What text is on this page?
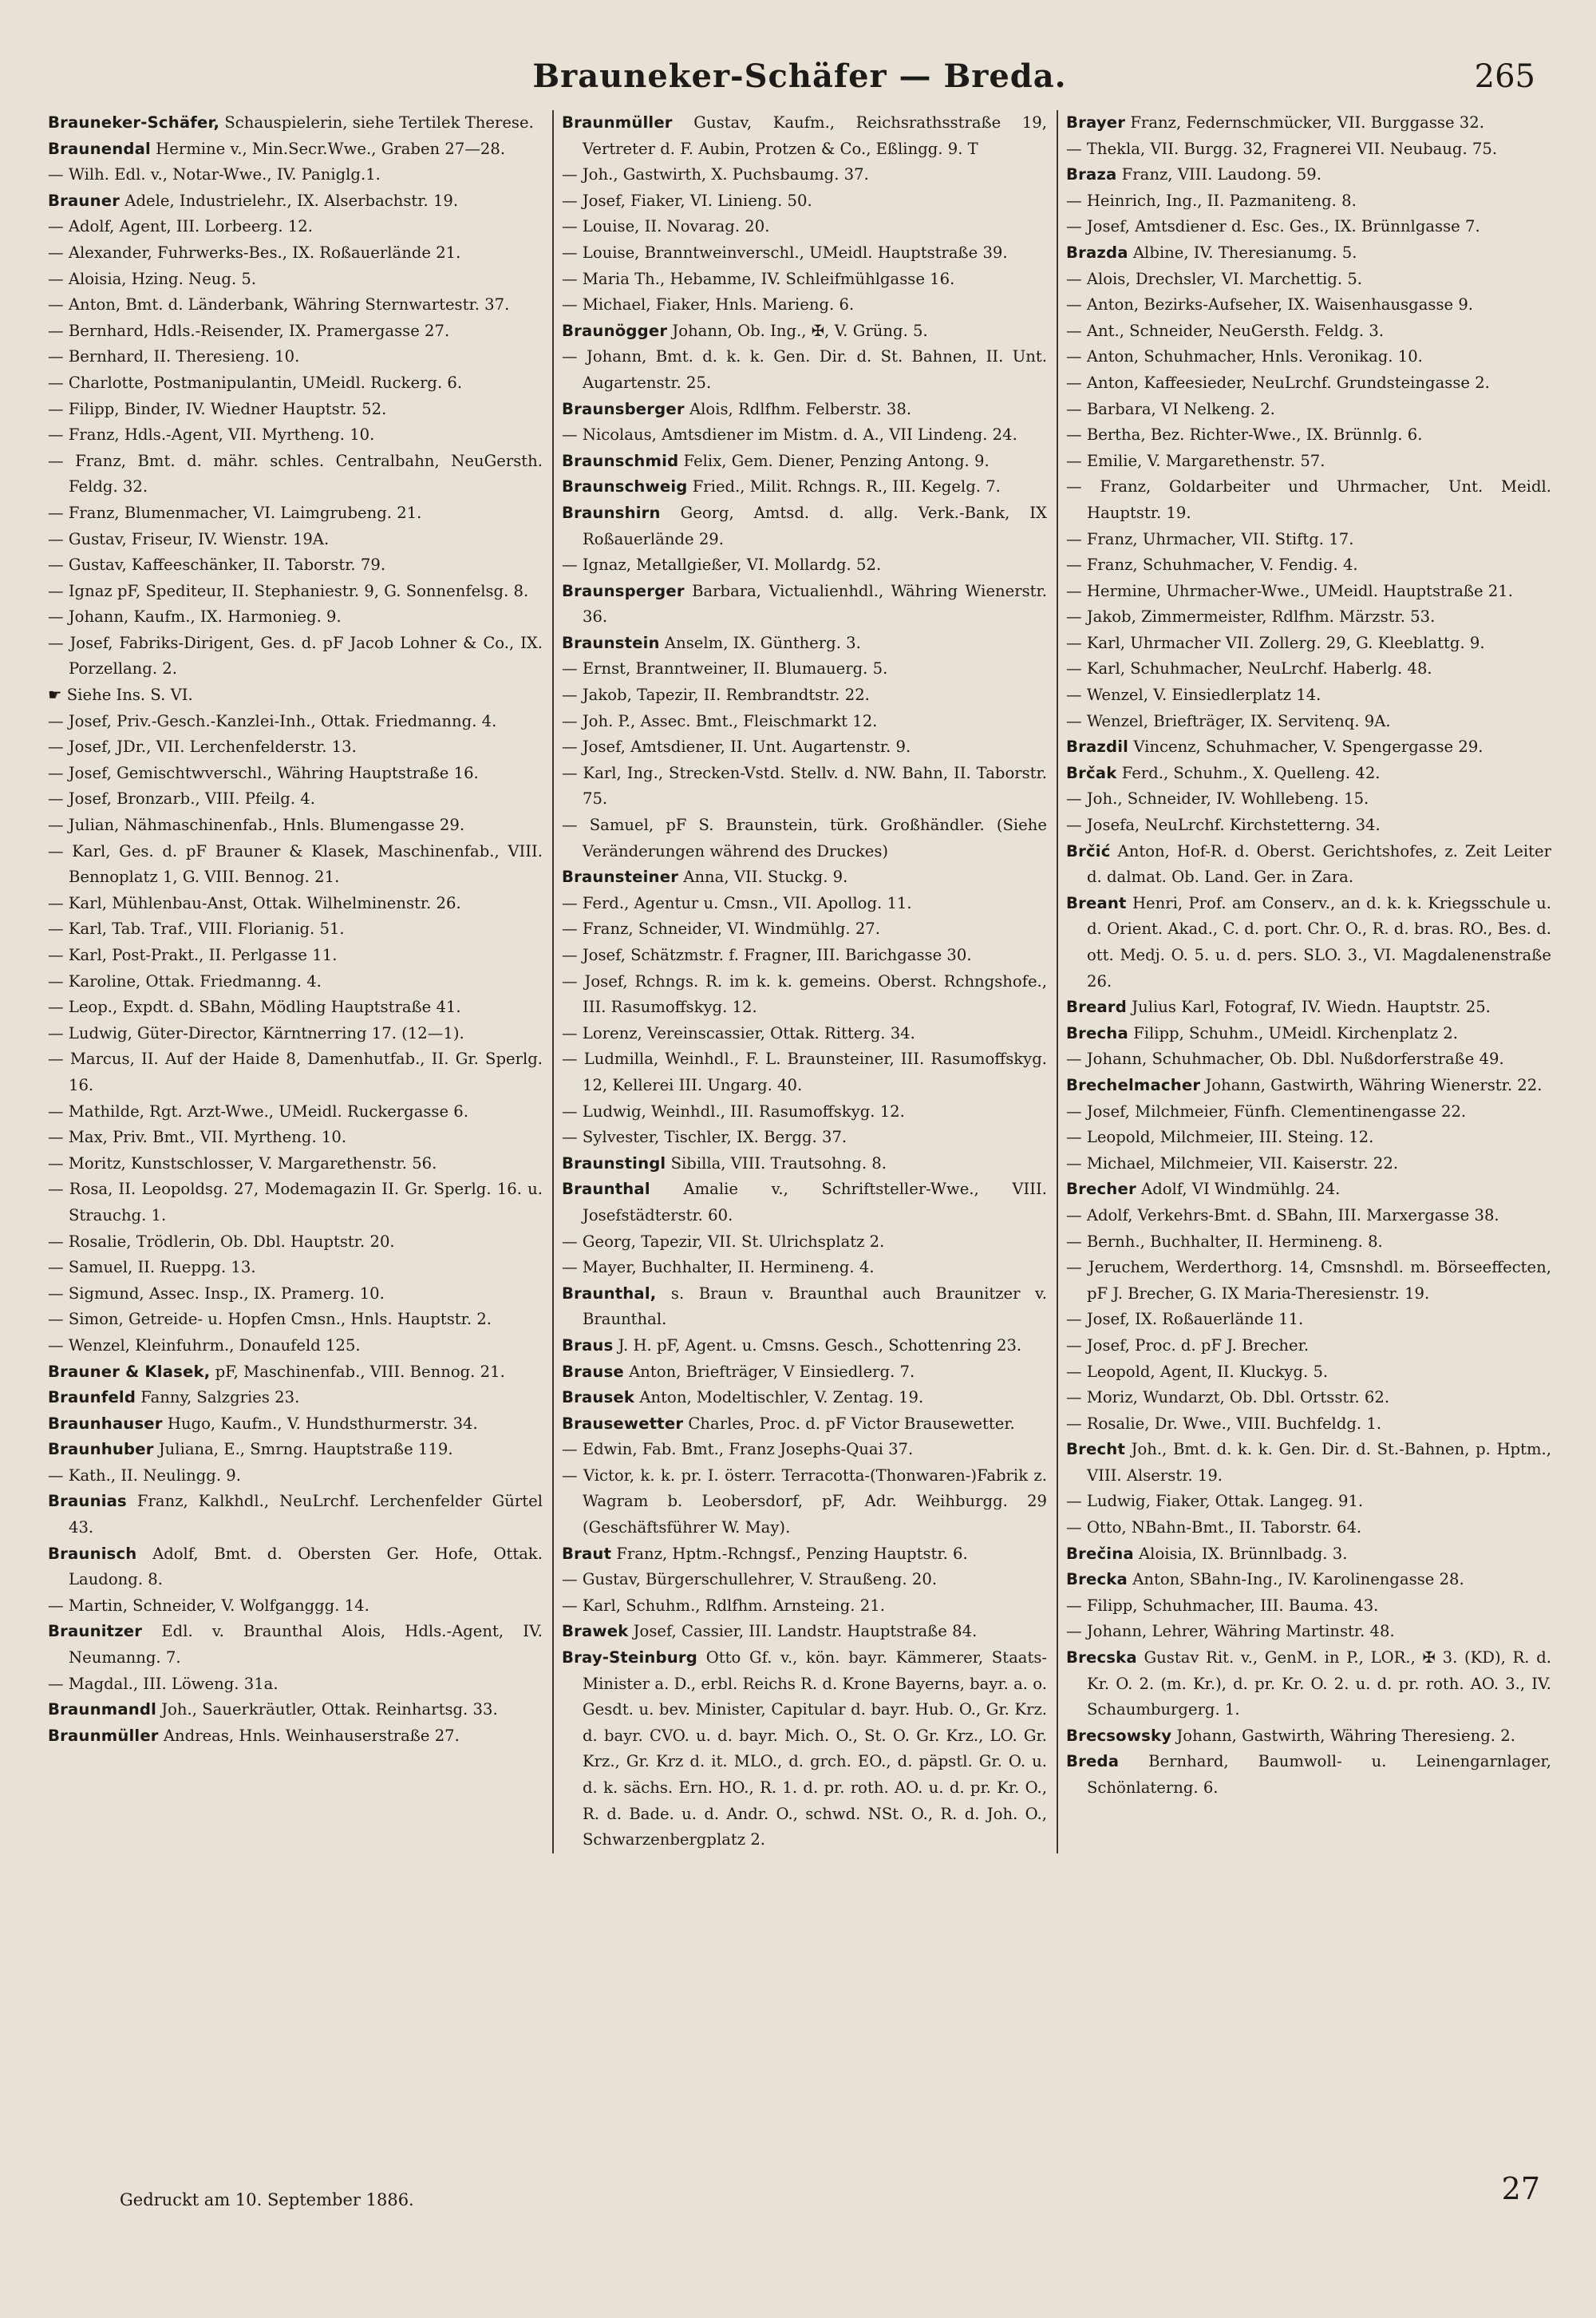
Brauneker-Schäfer — Breda.	265
Brauneker-Schäfer, Schauspielerin, siehe Tertilek Therese.
Braunendal Hermine v., Min.Secr.Wwe., Graben 27—28.
— Wilh. Edl. v., Notar-Wwe., IV. Paniglg.1.
Brauner Adele, Industrielehr., IX. Alserbachstr. 19.
— Adolf, Agent, III. Lorbeerg. 12.
— Alexander, Fuhrwerks-Bes., IX. Roßauerlände 21.
— Aloisia, Hzing. Neug. 5.
— Anton, Bmt. d. Länderbank, Währing Sternwartestr. 37.
— Bernhard, Hdls.-Reisender, IX. Pramergasse 27.
— Bernhard, II. Theresieng. 10.
— Charlotte, Postmanipulantin, UMeidl. Ruckerg. 6.
— Filipp, Binder, IV. Wiedner Hauptstr. 52.
— Franz, Hdls.-Agent, VII. Myrtheng. 10.
— Franz, Bmt. d. mähr. schles. Centralbahn, NeuGersth. Feldg. 32.
— Franz, Blumenmacher, VI. Laimgrubeng. 21.
— Gustav, Friseur, IV. Wienstr. 19A.
— Gustav, Kaffeeschänker, II. Taborstr. 79.
— Ignaz pF, Spediteur, II. Stephaniestr. 9, G. Sonnenfelsg. 8.
— Johann, Kaufm., IX. Harmonieg. 9.
— Josef, Fabriks-Dirigent, Ges. d. pF Jacob Lohner & Co., IX. Porzellang. 2.
☛ Siehe Ins. S. VI.
— Josef, Priv.-Gesch.-Kanzlei-Inh., Ottak. Friedmanng. 4.
— Josef, JDr., VII. Lerchenfelderstr. 13.
— Josef, Gemischtwverschl., Währing Hauptstraße 16.
— Josef, Bronzarb., VIII. Pfeilg. 4.
— Julian, Nähmaschinenfab., Hnls. Blumengasse 29.
— Karl, Ges. d. pF Brauner & Klasek, Maschinenfab., VIII. Bennoplatz 1, G. VIII. Bennog. 21.
— Karl, Mühlenbau-Anst, Ottak. Wilhelminenstr. 26.
— Karl, Tab. Traf., VIII. Florianig. 51.
— Karl, Post-Prakt., II. Perlgasse 11.
— Karoline, Ottak. Friedmanng. 4.
— Leop., Expdt. d. SBahn, Mödling Hauptstraße 41.
— Ludwig, Güter-Director, Kärntnerring 17. (12—1).
— Marcus, II. Auf der Haide 8, Damenhutfab., II. Gr. Sperlg. 16.
— Mathilde, Rgt. Arzt-Wwe., UMeidl. Ruckergasse 6.
— Max, Priv. Bmt., VII. Myrtheng. 10.
— Moritz, Kunstschlosser, V. Margarethenstr. 56.
— Rosa, II. Leopoldsg. 27, Modemagazin II. Gr. Sperlg. 16. u. Strauchg. 1.
— Rosalie, Trödlerin, Ob. Dbl. Hauptstr. 20.
— Samuel, II. Rueppg. 13.
— Sigmund, Assec. Insp., IX. Pramerg. 10.
— Simon, Getreide- u. Hopfen Cmsn., Hnls. Hauptstr. 2.
— Wenzel, Kleinfuhrm., Donaufeld 125.
Brauner & Klasek, pF, Maschinenfab., VIII. Bennog. 21.
Braunfeld Fanny, Salzgries 23.
Braunhauser Hugo, Kaufm., V. Hundsthurmerstr. 34.
Braunhuber Juliana, E., Smrng. Hauptstraße 119.
— Kath., II. Neulingg. 9.
Braunias Franz, Kalkhdl., NeuLrchf. Lerchenfelder Gürtel 43.
Braunisch Adolf, Bmt. d. Obersten Ger. Hofe, Ottak. Laudong. 8.
— Martin, Schneider, V. Wolfganggg. 14.
Braunitzer Edl. v. Braunthal Alois, Hdls.-Agent, IV. Neumanng. 7.
— Magdal., III. Löweng. 31a.
Braunmandl Joh., Sauerkräutler, Ottak. Reinhartsg. 33.
Braunmüller Andreas, Hnls. Weinhauserstraße 27.
Braunmüller Gustav, Kaufm., Reichsrathsstraße 19, Vertreter d. F. Aubin, Protzen & Co., Eßlingg. 9. T
— Joh., Gastwirth, X. Puchsbaumg. 37.
— Josef, Fiaker, VI. Linieng. 50.
— Louise, II. Novarag. 20.
— Louise, Branntweinverschl., UMeidl. Hauptstraße 39.
— Maria Th., Hebamme, IV. Schleifmühlgasse 16.
— Michael, Fiaker, Hnls. Marieng. 6.
Braunögger Johann, Ob. Ing., ✠, V. Grüng. 5.
— Johann, Bmt. d. k. k. Gen. Dir. d. St. Bahnen, II. Unt. Augartenstr. 25.
Braunsberger Alois, Rdlfhm. Felberstr. 38.
— Nicolaus, Amtsdiener im Mistm. d. A., VII Lindeng. 24.
Braunschmid Felix, Gem. Diener, Penzing Antong. 9.
Braunschweig Fried., Milit. Rchngs. R., III. Kegelg. 7.
Braunshirn Georg, Amtsd. d. allg. Verk.-Bank, IX Roßauerlände 29.
— Ignaz, Metallgießer, VI. Mollardg. 52.
Braunsperger Barbara, Victualienhdl., Währing Wienerstr. 36.
Braunstein Anselm, IX. Güntherg. 3.
— Ernst, Branntweiner, II. Blumauerg. 5.
— Jakob, Tapezir, II. Rembrandtstr. 22.
— Joh. P., Assec. Bmt., Fleischmarkt 12.
— Josef, Amtsdiener, II. Unt. Augartenstr. 9.
— Karl, Ing., Strecken-Vstd. Stellv. d. NW. Bahn, II. Taborstr. 75.
— Samuel, pF S. Braunstein, türk. Großhändler. (Siehe Veränderungen während des Druckes)
Braunsteiner Anna, VII. Stuckg. 9.
— Ferd., Agentur u. Cmsn., VII. Apollog. 11.
— Franz, Schneider, VI. Windmühlg. 27.
— Josef, Schätzmstr. f. Fragner, III. Barichgasse 30.
— Josef, Rchngs. R. im k. k. gemeins. Oberst. Rchngshofe., III. Rasumoffskyg. 12.
— Lorenz, Vereinscassier, Ottak. Ritterg. 34.
— Ludmilla, Weinhdl., F. L. Braunsteiner, III. Rasumoffskyg. 12, Kellerei III. Ungarg. 40.
— Ludwig, Weinhdl., III. Rasumoffskyg. 12.
— Sylvester, Tischler, IX. Bergg. 37.
Braunstingl Sibilla, VIII. Trautsohng. 8.
Braunthal Amalie v., Schriftsteller-Wwe., VIII. Josefstädterstr. 60.
— Georg, Tapezir, VII. St. Ulrichsplatz 2.
— Mayer, Buchhalter, II. Hermineng. 4.
Braunthal, s. Braun v. Braunthal auch Braunitzer v. Braunthal.
Braus J. H. pF, Agent. u. Cmsns. Gesch., Schottenring 23.
Brause Anton, Briefträger, V Einsiedlerg. 7.
Brausek Anton, Modeltischler, V. Zentag. 19.
Brausewetter Charles, Proc. d. pF Victor Brausewetter.
— Edwin, Fab. Bmt., Franz Josephs-Quai 37.
— Victor, k. k. pr. I. österr. Terracotta-(Thonwaren-)Fabrik z. Wagram b. Leobersdorf, pF, Adr. Weihburgg. 29 (Geschäftsführer W. May).
Braut Franz, Hptm.-Rchngsf., Penzing Hauptstr. 6.
— Gustav, Bürgerschullehrer, V. Straußeng. 20.
— Karl, Schuhm., Rdlfhm. Arnsteing. 21.
Brawek Josef, Cassier, III. Landstr. Hauptstraße 84.
Bray-Steinburg Otto Gf. v., kön. bayr. Kämmerer, Staats-Minister a. D., erbl. Reichs R. d. Krone Bayerns, bayr. a. o. Gesdt. u. bev. Minister, Capitular d. bayr. Hub. O., Gr. Krz. d. bayr. CVO. u. d. bayr. Mich. O., St. O. Gr. Krz., LO. Gr. Krz., Gr. Krz d. it. MLO., d. grch. EO., d. päpstl. Gr. O. u. d. k. sächs. Ern. HO., R. 1. d. pr. roth. AO. u. d. pr. Kr. O., R. d. Bade. u. d. Andr. O., schwd. NSt. O., R. d. Joh. O., Schwarzenbergplatz 2.
Brayer Franz, Federnschmücker, VII. Burggasse 32.
— Thekla, VII. Burgg. 32, Fragnerei VII. Neubaug. 75.
Braza Franz, VIII. Laudong. 59.
— Heinrich, Ing., II. Pazmaniteng. 8.
— Josef, Amtsdiener d. Esc. Ges., IX. Brünnlgasse 7.
Brazda Albine, IV. Theresianumg. 5.
— Alois, Drechsler, VI. Marchettig. 5.
— Anton, Bezirks-Aufseher, IX. Waisenhausgasse 9.
— Ant., Schneider, NeuGersth. Feldg. 3.
— Anton, Schuhmacher, Hnls. Veronikag. 10.
— Anton, Kaffeesieder, NeuLrchf. Grundsteingasse 2.
— Barbara, VI Nelkeng. 2.
— Bertha, Bez. Richter-Wwe., IX. Brünnlg. 6.
— Emilie, V. Margarethenstr. 57.
— Franz, Goldarbeiter und Uhrmacher, Unt. Meidl. Hauptstr. 19.
— Franz, Uhrmacher, VII. Stiftg. 17.
— Franz, Schuhmacher, V. Fendig. 4.
— Hermine, Uhrmacher-Wwe., UMeidl. Hauptstraße 21.
— Jakob, Zimmermeister, Rdlfhm. Märzstr. 53.
— Karl, Uhrmacher VII. Zollerg. 29, G. Kleeblattg. 9.
— Karl, Schuhmacher, NeuLrchf. Haberlg. 48.
— Wenzel, V. Einsiedlerplatz 14.
— Wenzel, Briefträger, IX. Servitenq. 9A.
Brazdil Vincenz, Schuhmacher, V. Spengergasse 29.
Brčak Ferd., Schuhm., X. Quelleng. 42.
— Joh., Schneider, IV. Wohllebeng. 15.
— Josefa, NeuLrchf. Kirchstetterng. 34.
Brčić Anton, Hof-R. d. Oberst. Gerichtshofes, z. Zeit Leiter d. dalmat. Ob. Land. Ger. in Zara.
Breant Henri, Prof. am Conserv., an d. k. k. Kriegsschule u. d. Orient. Akad., C. d. port. Chr. O., R. d. bras. RO., Bes. d. ott. Medj. O. 5. u. d. pers. SLO. 3., VI. Magdalenenstraße 26.
Breard Julius Karl, Fotograf, IV. Wiedn. Hauptstr. 25.
Brecha Filipp, Schuhm., UMeidl. Kirchenplatz 2.
— Johann, Schuhmacher, Ob. Dbl. Nußdorferstraße 49.
Brechelmacher Johann, Gastwirth, Währing Wienerstr. 22.
— Josef, Milchmeier, Fünfh. Clementinengasse 22.
— Leopold, Milchmeier, III. Steing. 12.
— Michael, Milchmeier, VII. Kaiserstr. 22.
Brecher Adolf, VI Windmühlg. 24.
— Adolf, Verkehrs-Bmt. d. SBahn, III. Marxergasse 38.
— Bernh., Buchhalter, II. Hermineng. 8.
— Jeruchem, Werderthorg. 14, Cmsnshdl. m. Börseeffecten, pF J. Brecher, G. IX Maria-Theresienstr. 19.
— Josef, IX. Roßauerlände 11.
— Josef, Proc. d. pF J. Brecher.
— Leopold, Agent, II. Kluckyg. 5.
— Moriz, Wundarzt, Ob. Dbl. Ortsstr. 62.
— Rosalie, Dr. Wwe., VIII. Buchfeldg. 1.
Brecht Joh., Bmt. d. k. k. Gen. Dir. d. St.-Bahnen, p. Hptm., VIII. Alserstr. 19.
— Ludwig, Fiaker, Ottak. Langeg. 91.
— Otto, NBahn-Bmt., II. Taborstr. 64.
Brečina Aloisia, IX. Brünnlbadg. 3.
Brecka Anton, SBahn-Ing., IV. Karolinengasse 28.
— Filipp, Schuhmacher, III. Bauma. 43.
— Johann, Lehrer, Währing Martinstr. 48.
Brecska Gustav Rit. v., GenM. in P., LOR., ✠ 3. (KD), R. d. Kr. O. 2. (m. Kr.), d. pr. Kr. O. 2. u. d. pr. roth. AO. 3., IV. Schaumburgerg. 1.
Brecsowsky Johann, Gastwirth, Währing Theresieng. 2.
Breda Bernhard, Baumwoll- u. Leinengarnlager, Schönlaterng. 6.
Gedruckt am 10. September 1886.	27
